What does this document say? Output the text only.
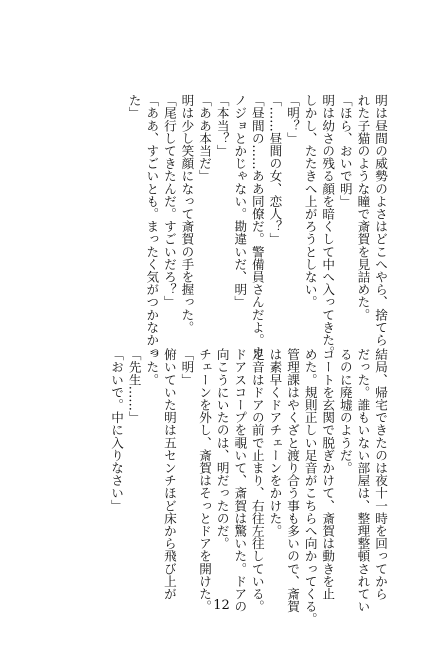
明は昼間の威勢のよさはどこへやら、捨てら
れた子猫のような瞳で斎賀を見詰めた。
「ほら、おいで明」
明は幼さの残る顔を暗くして中へ入ってきた。
しかし、たたきへ上がろうとしない。
「明？」
「……昼間の女、恋人？」
「昼間の……ああ同僚だ。警備員さんだよ。カ
ノジョとかじゃない。勘違いだ、明」
「本当？」
「ああ本当だ」
明は少し笑顔になって斎賀の手を握った。
「尾行してきたんだ。すごいだろ？」
「ああ、すごいとも。まったく気がつかなかっ
た」
結局、帰宅できたのは夜十一時を回ってから
だった。誰もいない部屋は、整理整頓されてい
るのに廃墟のようだ。
コートを玄関で脱ぎかけて、斎賀は動きを止
めた。規則正しい足音がこちらへ向かってくる。
管理課はやくざと渡り合う事も多いので、斎賀
は素早くドアチェーンをかけた。
足音はドアの前で止まり、右往左往している。
ドアスコープを覗いて、斎賀は驚いた。ドアの
向こうにいたのは、明だったのだ。
チェーンを外し、斎賀はそっとドアを開けた。
「明」
俯いていた明は五センチほど床から飛び上が
った。
「先生……」
「おいで。中に入りなさい」
12
